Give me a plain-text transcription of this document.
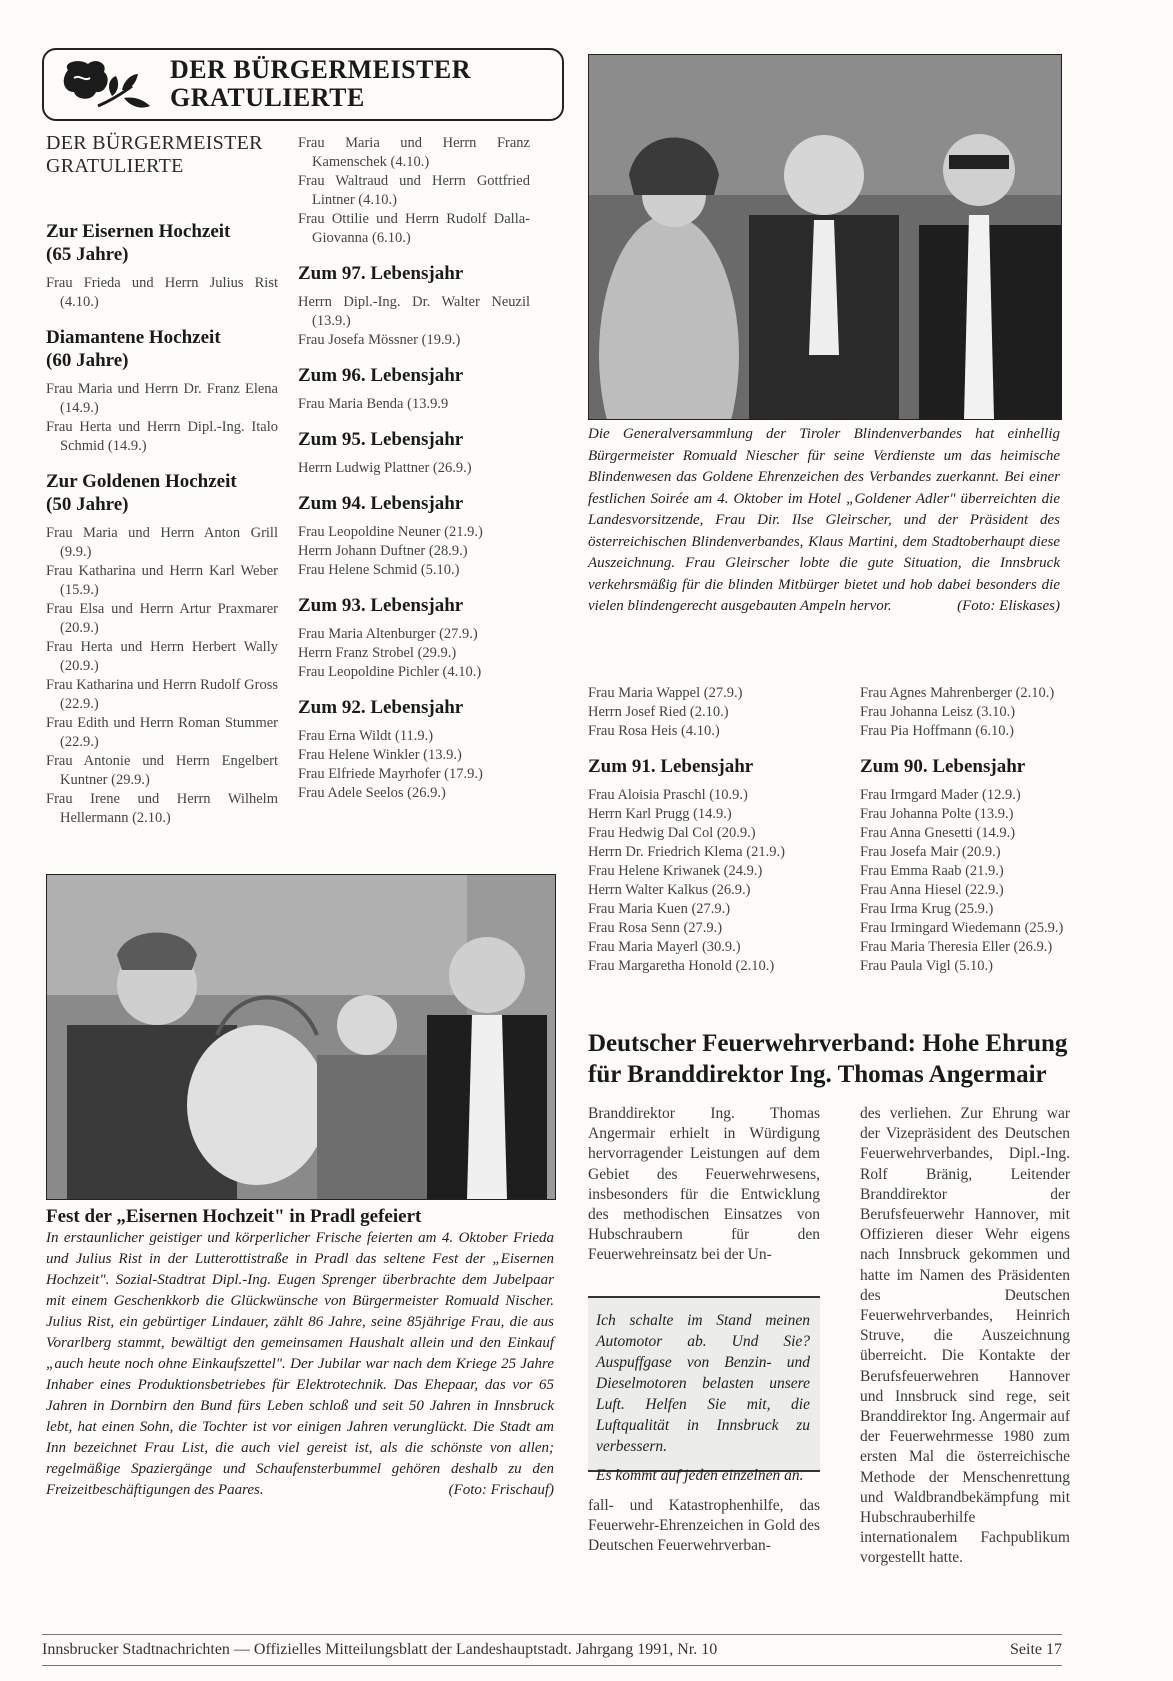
DER BÜRGERMEISTER
GRATULIERTE
DER BÜRGERMEISTER
GRATULIERTE
Zur Eisernen Hochzeit
(65 Jahre)
Frau Frieda und Herrn Julius Rist (4.10.)
Diamantene Hochzeit
(60 Jahre)
Frau Maria und Herrn Dr. Franz Elena (14.9.)
Frau Herta und Herrn Dipl.-Ing. Italo Schmid (14.9.)
Zur Goldenen Hochzeit
(50 Jahre)
Frau Maria und Herrn Anton Grill (9.9.)
Frau Katharina und Herrn Karl Weber (15.9.)
Frau Elsa und Herrn Artur Praxmarer (20.9.)
Frau Herta und Herrn Herbert Wally (20.9.)
Frau Katharina und Herrn Rudolf Gross (22.9.)
Frau Edith und Herrn Roman Stummer (22.9.)
Frau Antonie und Herrn Engelbert Kuntner (29.9.)
Frau Irene und Herrn Wilhelm Hellermann (2.10.)
Frau Maria und Herrn Franz Kamenschek (4.10.)
Frau Waltraud und Herrn Gottfried Lintner (4.10.)
Frau Ottilie und Herrn Rudolf Dalla-Giovanna (6.10.)
Zum 97. Lebensjahr
Herrn Dipl.-Ing. Dr. Walter Neuzil (13.9.)
Frau Josefa Mössner (19.9.)
Zum 96. Lebensjahr
Frau Maria Benda (13.9.9
Zum 95. Lebensjahr
Herrn Ludwig Plattner (26.9.)
Zum 94. Lebensjahr
Frau Leopoldine Neuner (21.9.)
Herrn Johann Duftner (28.9.)
Frau Helene Schmid (5.10.)
Zum 93. Lebensjahr
Frau Maria Altenburger (27.9.)
Herrn Franz Strobel (29.9.)
Frau Leopoldine Pichler (4.10.)
Zum 92. Lebensjahr
Frau Erna Wildt (11.9.)
Frau Helene Winkler (13.9.)
Frau Elfriede Mayrhofer (17.9.)
Frau Adele Seelos (26.9.)
Die Generalversammlung der Tiroler Blindenverbandes hat einhellig Bürgermeister Romuald Niescher für seine Verdienste um das heimische Blindenwesen das Goldene Ehrenzeichen des Verbandes zuerkannt. Bei einer festlichen Soirée am 4. Oktober im Hotel „Goldener Adler" überreichten die Landesvorsitzende, Frau Dir. Ilse Gleirscher, und der Präsident des österreichischen Blindenverbandes, Klaus Martini, dem Stadtoberhaupt diese Auszeichnung. Frau Gleirscher lobte die gute Situation, die Innsbruck verkehrsmäßig für die blinden Mitbürger bietet und hob dabei besonders die vielen blindengerecht ausgebauten Ampeln hervor.	(Foto: Eliskases)
Frau Maria Wappel (27.9.)
Herrn Josef Ried (2.10.)
Frau Rosa Heis (4.10.)
Zum 91. Lebensjahr
Frau Aloisia Praschl (10.9.)
Herrn Karl Prugg (14.9.)
Frau Hedwig Dal Col (20.9.)
Herrn Dr. Friedrich Klema (21.9.)
Frau Helene Kriwanek (24.9.)
Herrn Walter Kalkus (26.9.)
Frau Maria Kuen (27.9.)
Frau Rosa Senn (27.9.)
Frau Maria Mayerl (30.9.)
Frau Margaretha Honold (2.10.)
Frau Agnes Mahrenberger (2.10.)
Frau Johanna Leisz (3.10.)
Frau Pia Hoffmann (6.10.)
Zum 90. Lebensjahr
Frau Irmgard Mader (12.9.)
Frau Johanna Polte (13.9.)
Frau Anna Gnesetti (14.9.)
Frau Josefa Mair (20.9.)
Frau Emma Raab (21.9.)
Frau Anna Hiesel (22.9.)
Frau Irma Krug (25.9.)
Frau Irmingard Wiedemann (25.9.)
Frau Maria Theresia Eller (26.9.)
Frau Paula Vigl (5.10.)
Fest der „Eisernen Hochzeit" in Pradl gefeiert
In erstaunlicher geistiger und körperlicher Frische feierten am 4. Oktober Frieda und Julius Rist in der Lutterottistraße in Pradl das seltene Fest der „Eisernen Hochzeit". Sozial-Stadtrat Dipl.-Ing. Eugen Sprenger überbrachte dem Jubelpaar mit einem Geschenkkorb die Glückwünsche von Bürgermeister Romuald Nischer. Julius Rist, ein gebürtiger Lindauer, zählt 86 Jahre, seine 85jährige Frau, die aus Vorarlberg stammt, bewältigt den gemeinsamen Haushalt allein und den Einkauf „auch heute noch ohne Einkaufszettel". Der Jubilar war nach dem Kriege 25 Jahre Inhaber eines Produktionsbetriebes für Elektrotechnik. Das Ehepaar, das vor 65 Jahren in Dornbirn den Bund fürs Leben schloß und seit 50 Jahren in Innsbruck lebt, hat einen Sohn, die Tochter ist vor einigen Jahren verunglückt. Die Stadt am Inn bezeichnet Frau List, die auch viel gereist ist, als die schönste von allen; regelmäßige Spaziergänge und Schaufensterbummel gehören deshalb zu den Freizeitbeschäftigungen des Paares.	(Foto: Frischauf)
Deutscher Feuerwehrverband: Hohe Ehrung
für Branddirektor Ing. Thomas Angermair
Branddirektor Ing. Thomas Angermair erhielt in Würdigung hervorragender Leistungen auf dem Gebiet des Feuerwehrwesens, insbesonders für die Entwicklung des methodischen Einsatzes von Hubschraubern für den Feuerwehreinsatz bei der Un-
Ich schalte im Stand meinen Automotor ab. Und Sie? Auspuffgase von Benzin- und Dieselmotoren belasten unsere Luft. Helfen Sie mit, die Luftqualität in Innsbruck zu verbessern.
Es kommt auf jeden einzelnen an.
fall- und Katastrophenhilfe, das Feuerwehr-Ehrenzeichen in Gold des Deutschen Feuerwehrverban-
des verliehen. Zur Ehrung war der Vizepräsident des Deutschen Feuerwehrverbandes, Dipl.-Ing. Rolf Bränig, Leitender Branddirektor der Berufsfeuerwehr Hannover, mit Offizieren dieser Wehr eigens nach Innsbruck gekommen und hatte im Namen des Präsidenten des Deutschen Feuerwehrverbandes, Heinrich Struve, die Auszeichnung überreicht. Die Kontakte der Berufsfeuerwehren Hannover und Innsbruck sind rege, seit Branddirektor Ing. Angermair auf der Feuerwehrmesse 1980 zum ersten Mal die österreichische Methode der Menschenrettung und Waldbrandbekämpfung mit Hubschrauberhilfe internationalem Fachpublikum vorgestellt hatte.
Innsbrucker Stadtnachrichten — Offizielles Mitteilungsblatt der Landeshauptstadt. Jahrgang 1991, Nr. 10	Seite 17
